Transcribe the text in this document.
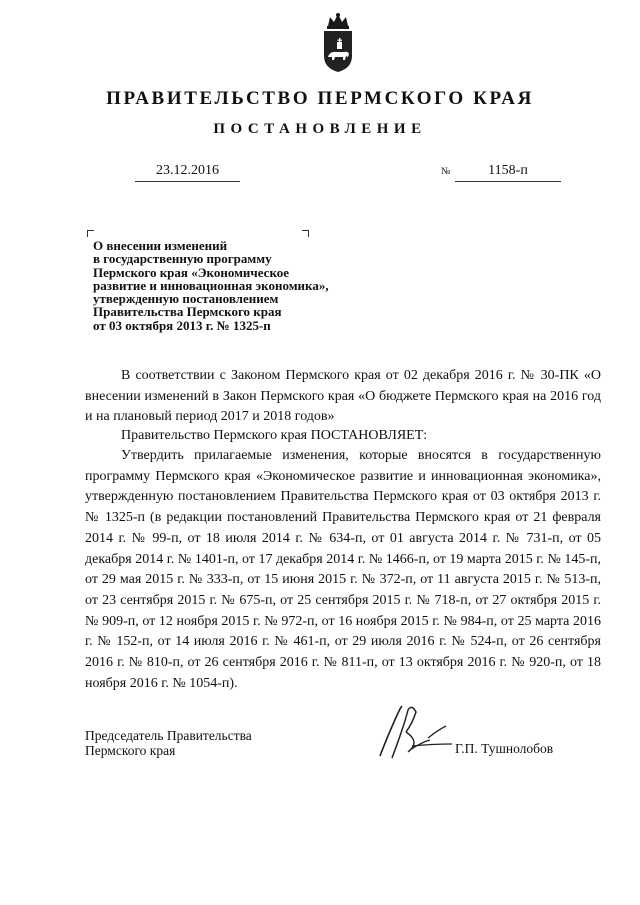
ПРАВИТЕЛЬСТВО ПЕРМСКОГО КРАЯ
ПОСТАНОВЛЕНИЕ
23.12.2016	№	1158-п
О внесении изменений
в государственную программу
Пермского края «Экономическое
развитие и инновационная экономика»,
утвержденную постановлением
Правительства Пермского края
от 03 октября 2013 г. № 1325-п
В соответствии с Законом Пермского края от 02 декабря 2016 г. № 30-ПК «О внесении изменений в Закон Пермского края «О бюджете Пермского края на 2016 год и на плановый период 2017 и 2018 годов»
Правительство Пермского края ПОСТАНОВЛЯЕТ:
Утвердить прилагаемые изменения, которые вносятся в государственную программу Пермского края «Экономическое развитие и инновационная экономика», утвержденную постановлением Правительства Пермского края от 03 октября 2013 г. № 1325-п (в редакции постановлений Правительства Пермского края от 21 февраля 2014 г. № 99-п, от 18 июля 2014 г. № 634-п, от 01 августа 2014 г. № 731-п, от 05 декабря 2014 г. № 1401-п, от 17 декабря 2014 г. № 1466-п, от 19 марта 2015 г. № 145-п, от 29 мая 2015 г. № 333-п, от 15 июня 2015 г. № 372-п, от 11 августа 2015 г. № 513-п, от 23 сентября 2015 г. № 675-п, от 25 сентября 2015 г. № 718-п, от 27 октября 2015 г. № 909-п, от 12 ноября 2015 г. № 972-п, от 16 ноября 2015 г. № 984-п, от 25 марта 2016 г. № 152-п, от 14 июля 2016 г. № 461-п, от 29 июля 2016 г. № 524-п, от 26 сентября 2016 г. № 810-п, от 26 сентября 2016 г. № 811-п, от 13 октября 2016 г. № 920-п, от 18 ноября 2016 г. № 1054-п).
Председатель Правительства
Пермского края	Г.П. Тушнолобов
